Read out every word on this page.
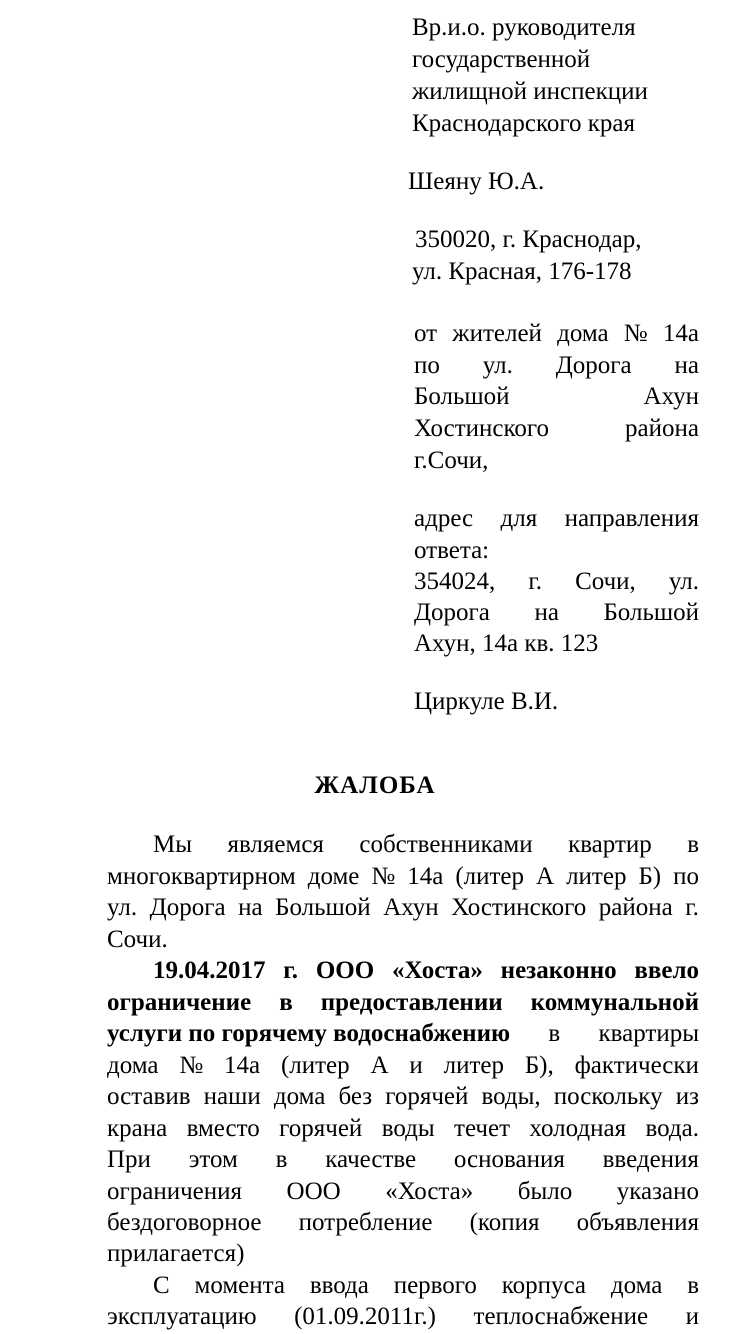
Вр.и.о. руководителя
государственной
жилищной инспекции
Краснодарского края
Шеяну Ю.А.
350020, г. Краснодар,
ул. Красная, 176-178
от жителей дома № 14а
по ул. Дорога на
Большой	Ахун
Хостинского	района
г.Сочи,
адрес для направления
ответа:
354024, г. Сочи, ул.
Дорога на Большой
Ахун, 14а кв. 123
Циркуле В.И.
ЖАЛОБА
Мы являемся собственниками квартир в
многоквартирном доме № 14а (литер А литер Б) по
ул. Дорога на Большой Ахун Хостинского района г.
Сочи.
19.04.2017 г. ООО «Хоста» незаконно ввело
ограничение в предоставлении коммунальной
услуги по горячему водоснабжению в квартиры
дома № 14а (литер А и литер Б), фактически
оставив наши дома без горячей воды, поскольку из
крана вместо горячей воды течет холодная вода.
При этом в качестве основания введения
ограничения ООО «Хоста» было указано
бездоговорное потребление (копия объявления
прилагается)
С момента ввода первого корпуса дома в
эксплуатацию (01.09.2011г.) теплоснабжение и
